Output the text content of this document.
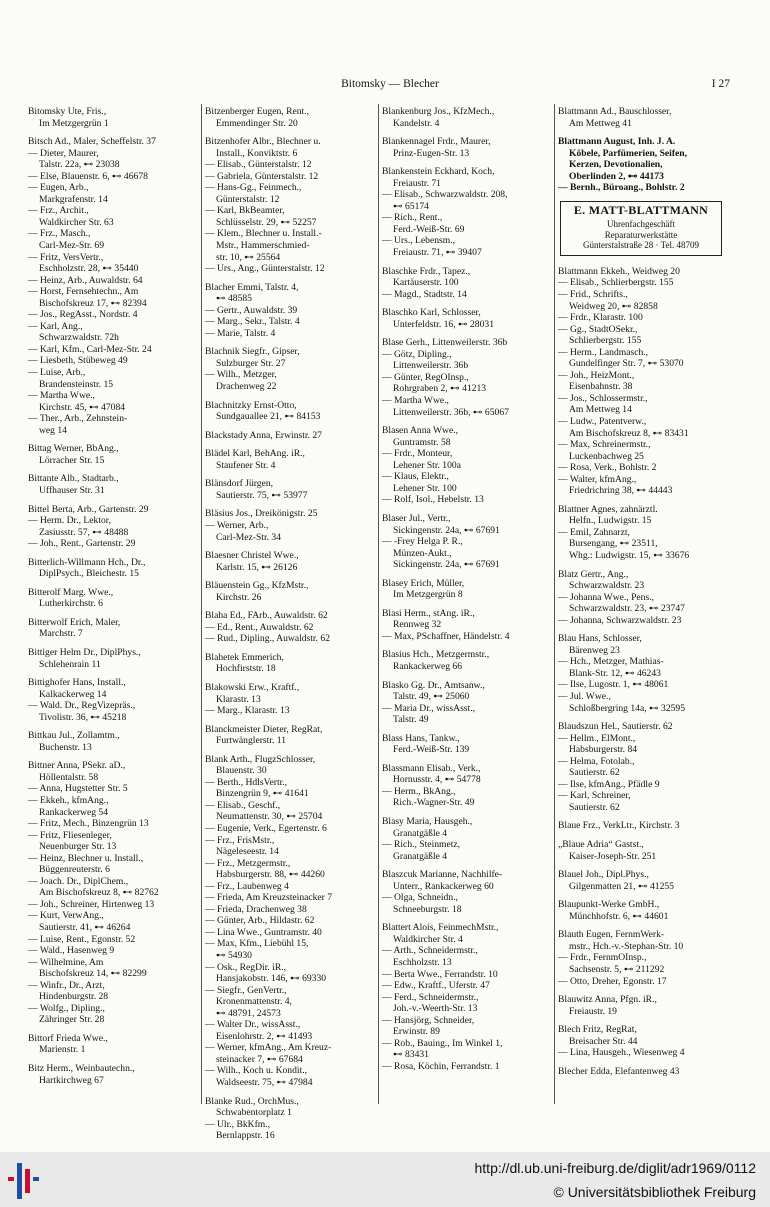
Bitomsky — Blecher	I 27
Bitomsky Ute, Fris.,
Im Metzgergrün 1
Bitsch Ad., Maler, Scheffelstr. 37
— Dieter, Maurer,
Talstr. 22a, ⊷ 23038
— Else, Blauenstr. 6, ⊷ 46678
— Eugen, Arb.,
Markgrafenstr. 14
— Frz., Archit.,
Waldkircher Str. 63
— Frz., Masch.,
Carl-Mez-Str. 69
— Fritz, VersVertr.,
Eschholzstr. 28, ⊷ 35440
— Heinz, Arb., Auwaldstr. 64
— Horst, Fernsehtechn., Am
Bischofskreuz 17, ⊷ 82394
— Jos., RegAsst., Nordstr. 4
— Karl, Ang.,
Schwarzwaldstr. 72h
— Karl, Kfm., Carl-Mez-Str. 24
— Liesbeth, Stübeweg 49
— Luise, Arb.,
Brandensteinstr. 15
— Martha Wwe.,
Kirchstr. 45, ⊷ 47084
— Ther., Arb., Zehnstein-
weg 14
Bittag Werner, BbAng.,
Lörracher Str. 15
Bittante Alb., Stadtarb.,
Uffhauser Str. 31
Bittel Berta, Arb., Gartenstr. 29
— Herm. Dr., Lektor,
Zasiusstr. 57, ⊷ 48488
— Joh., Rent., Gartenstr. 29
Bitterlich-Willmann Hch., Dr.,
DiplPsych., Bleichestr. 15
Bitterolf Marg. Wwe.,
Lutherkirchstr. 6
Bitterwolf Erich, Maler,
Marchstr. 7
Bittiger Helm Dr., DiplPhys.,
Schlehenrain 11
Bittighofer Hans, Install.,
Kalkackerweg 14
— Wald. Dr., RegVizepräs.,
Tivolistr. 36, ⊷ 45218
Bittkau Jul., Zollamtm.,
Buchenstr. 13
Bittner Anna, PSekr. aD.,
Höllentalstr. 58
— Anna, Hugstetter Str. 5
— Ekkeh., kfmAng.,
Rankackerweg 54
— Fritz, Mech., Binzengrün 13
— Fritz, Fliesenleger,
Neuenburger Str. 13
— Heinz, Blechner u. Install.,
Büggenreuterstr. 6
— Joach. Dr., DiplChem.,
Am Bischofskreuz 8, ⊷ 82762
— Joh., Schreiner, Hirtenweg 13
— Kurt, VerwAng.,
Sautierstr. 41, ⊷ 46264
— Luise, Rent., Egonstr. 52
— Wald., Hasenweg 9
— Wilhelmine, Am
Bischofskreuz 14, ⊷ 82299
— Winfr., Dr., Arzt,
Hindenburgstr. 28
— Wolfg., Dipling.,
Zähringer Str. 28
Bittorf Frieda Wwe.,
Marienstr. 1
Bitz Herm., Weinbautechn.,
Hartkirchweg 67
Bitzenberger Eugen, Rent.,
Emmendinger Str. 20
Bitzenhofer Albr., Blechner u.
Install., Konviktstr. 6
— Elisab., Günterstalstr. 12
— Gabriela, Günterstalstr. 12
— Hans-Gg., Feinmech.,
Günterstalstr. 12
— Karl, BkBeamter,
Schlüsselstr. 29, ⊷ 52257
— Klem., Blechner u. Install.-
Mstr., Hammerschmied-
str. 10, ⊷ 25564
— Urs., Ang., Günterstalstr. 12
Blacher Emmi, Talstr. 4,
⊷ 48585
— Gertr., Auwaldstr. 39
— Marg., Sekr., Talstr. 4
— Marie, Talstr. 4
Blachnik Siegfr., Gipser,
Sulzburger Str. 27
— Wilh., Metzger,
Drachenweg 22
Blachnitzky Ernst-Otto,
Sundgauallee 21, ⊷ 84153
Blackstady Anna, Erwinstr. 27
Blädel Karl, BehAng. iR.,
Staufener Str. 4
Blänsdorf Jürgen,
Sautierstr. 75, ⊷ 53977
Bläsius Jos., Dreikönigstr. 25
— Werner, Arb.,
Carl-Mez-Str. 34
Blaesner Christel Wwe.,
Karlstr. 15, ⊷ 26126
Bläuenstein Gg., KfzMstr.,
Kirchstr. 26
Blaha Ed., FArb., Auwaldstr. 62
— Ed., Rent., Auwaldstr. 62
— Rud., Dipling., Auwaldstr. 62
Blahetek Emmerich,
Hochfirststr. 18
Blakowski Erw., Kraftf.,
Klarastr. 13
— Marg., Klarastr. 13
Blanckmeister Dieter, RegRat,
Furtwänglerstr. 11
Blank Arth., FlugzSchlosser,
Blauenstr. 30
— Berth., HdlsVertr.,
Binzengrün 9, ⊷ 41641
— Elisab., Geschf.,
Neumattenstr. 30, ⊷ 25704
— Eugenie, Verk., Egertenstr. 6
— Frz., FrisMstr.,
Nägeleseestr. 14
— Frz., Metzgermstr.,
Habsburgerstr. 88, ⊷ 44260
— Frz., Laubenweg 4
— Frieda, Am Kreuzsteinacker 7
— Frieda, Drachenweg 38
— Günter, Arb., Hildastr. 62
— Lina Wwe., Guntramstr. 40
— Max, Kfm., Liebühl 15,
⊷ 54930
— Osk., RegDir. iR.,
Hansjakobstr. 146, ⊷ 69330
— Siegfr., GenVertr.,
Kronenmattenstr. 4,
⊷ 48791, 24573
— Walter Dr., wissAsst.,
Eisenlohrstr. 2, ⊷ 41493
— Werner, kfmAng., Am Kreuz-
steinacker 7, ⊷ 67684
— Wilh., Koch u. Kondit.,
Waldseestr. 75, ⊷ 47984
Blanke Rud., OrchMus.,
Schwabentorplatz 1
— Ulr., BkKfm.,
Bernlappstr. 16
Blankenburg Jos., KfzMech.,
Kandelstr. 4
Blankennagel Frdr., Maurer,
Prinz-Eugen-Str. 13
Blankenstein Eckhard, Koch,
Freiaustr. 71
— Elisab., Schwarzwaldstr. 208,
⊷ 65174
— Rich., Rent.,
Ferd.-Weiß-Str. 69
— Urs., Lebensm.,
Freiaustr. 71, ⊷ 39407
Blaschke Frdr., Tapez.,
Kartäuserstr. 100
— Magd., Stadtstr. 14
Blaschko Karl, Schlosser,
Unterfeldstr. 16, ⊷ 28031
Blase Gerh., Littenweilerstr. 36b
— Götz, Dipling.,
Littenweilerstr. 36b
— Günter, RegOInsp.,
Rohrgraben 2, ⊷ 41213
— Martha Wwe.,
Littenweilerstr. 36b, ⊷ 65067
Blasen Anna Wwe.,
Guntramstr. 58
— Frdr., Monteur,
Lehener Str. 100a
— Klaus, Elektr.,
Lehener Str. 100
— Rolf, Isol., Hebelstr. 13
Blaser Jul., Vertr.,
Sickingenstr. 24a, ⊷ 67691
— -Frey Helga P. R.,
Münzen-Aukt.,
Sickingenstr. 24a, ⊷ 67691
Blasey Erich, Müller,
Im Metzgergrün 8
Blasi Herm., stAng. iR.,
Rennweg 32
— Max, PSchaffner, Händelstr. 4
Blasius Hch., Metzgermstr.,
Rankackerweg 66
Blasko Gg. Dr., Amtsanw.,
Talstr. 49, ⊷ 25060
— Maria Dr., wissAsst.,
Talstr. 49
Blass Hans, Tankw.,
Ferd.-Weiß-Str. 139
Blassmann Elisab., Verk.,
Hornusstr. 4, ⊷ 54778
— Herm., BkAng.,
Rich.-Wagner-Str. 49
Blasy Maria, Hausgeh.,
Granatgäßle 4
— Rich., Steinmetz,
Granatgäßle 4
Blaszcuk Marianne, Nachhilfe-
Unterr., Rankackerweg 60
— Olga, Schneidn.,
Schneeburgstr. 18
Blattert Alois, FeinmechMstr.,
Waldkircher Str. 4
— Arth., Schneidermstr.,
Eschholzstr. 13
— Berta Wwe., Ferrandstr. 10
— Edw., Kraftf., Uferstr. 47
— Ferd., Schneidermstr.,
Joh.-v.-Weerth-Str. 13
— Hansjörg, Schneider,
Erwinstr. 89
— Rob., Bauing., Im Winkel 1,
⊷ 83431
— Rosa, Köchin, Ferrandstr. 1
Blattmann Ad., Bauschlosser,
Am Mettweg 41
Blattmann August, Inh. J. A.
Köbele, Parfümerien, Seifen,
Kerzen, Devotionalien,
Oberlinden 2, ⊷ 44173
— Bernh., Büroang., Bohlstr. 2
E. MATT-BLATTMANN
Uhrenfachgeschäft
Reparaturwerkstätte
Günterstalstraße 28 · Tel. 48709
Blattmann Ekkeh., Weidweg 20
— Elisab., Schlierbergstr. 155
— Frid., Schrifts.,
Weidweg 20, ⊷ 82858
— Frdr., Klarastr. 100
— Gg., StadtOSekr.,
Schlierbergstr. 155
— Herm., Landmasch.,
Gundelfinger Str. 7, ⊷ 53070
— Joh., HeizMont.,
Eisenbahnstr. 38
— Jos., Schlossermstr.,
Am Mettweg 14
— Ludw., Patentverw.,
Am Bischofskreuz 8, ⊷ 83431
— Max, Schreinermstr.,
Luckenbachweg 25
— Rosa, Verk., Bohlstr. 2
— Walter, kfmAng.,
Friedrichring 38, ⊷ 44443
Blattner Agnes, zahnärztl.
Helfn., Ludwigstr. 15
— Emil, Zahnarzt,
Bursengang, ⊷ 23511,
Whg.: Ludwigstr. 15, ⊷ 33676
Blatz Gertr., Ang.,
Schwarzwaldstr. 23
— Johanna Wwe., Pens.,
Schwarzwaldstr. 23, ⊷ 23747
— Johanna, Schwarzwaldstr. 23
Blau Hans, Schlosser,
Bärenweg 23
— Hch., Metzger, Mathias-
Blank-Str. 12, ⊷ 46243
— Ilse, Lugostr. 1, ⊷ 48061
— Jul. Wwe.,
Schloßbergring 14a, ⊷ 32595
Blaudszun Hel., Sautierstr. 62
— Hellm., ElMont.,
Habsburgerstr. 84
— Helma, Fotolab.,
Sautierstr. 62
— Ilse, kfmAng., Pfädle 9
— Karl, Schreiner,
Sautierstr. 62
Blaue Frz., VerkLtr., Kirchstr. 3
„Blaue Adria“ Gastst.,
Kaiser-Joseph-Str. 251
Blauel Joh., Dipl.Phys.,
Gilgenmatten 21, ⊷ 41255
Blaupunkt-Werke GmbH.,
Münchhofstr. 6, ⊷ 44601
Blauth Eugen, FernmWerk-
mstr., Hch.-v.-Stephan-Str. 10
— Frdr., FernmOInsp.,
Sachsenstr. 5, ⊷ 211292
— Otto, Dreher, Egonstr. 17
Blauwitz Anna, Pfgn. iR.,
Freiaustr. 19
Blech Fritz, RegRat,
Breisacher Str. 44
— Lina, Hausgeh., Wiesenweg 4
Blecher Edda, Elefantenweg 43
http://dl.ub.uni-freiburg.de/diglit/adr1969/0112
© Universitätsbibliothek Freiburg
